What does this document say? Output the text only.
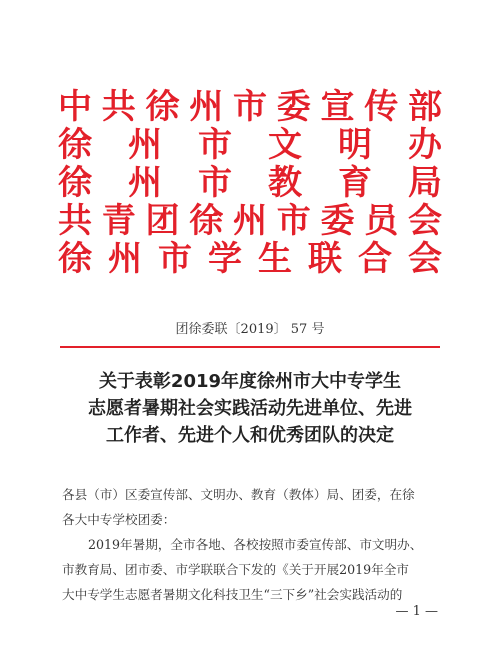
中 共 徐 州 市 委 宣 传 部
徐 州 市 文 明 办
徐 州 市 教 育 局
共 青 团 徐 州 市 委 员 会
徐 州 市 学 生 联 合 会
团徐委联〔2019〕 57 号
关于表彰2019年度徐州市大中专学生
志愿者暑期社会实践活动先进单位、先进
工作者、先进个人和优秀团队的决定

各县（市）区委宣传部、文明办、教育（教体）局、团委，在徐

各大中专学校团委：

2019年暑期，全市各地、各校按照市委宣传部、市文明办、

市教育局、团市委、市学联联合下发的《关于开展2019年全市

大中专学生志愿者暑期文化科技卫生“三下乡”社会实践活动的

— 1 —
